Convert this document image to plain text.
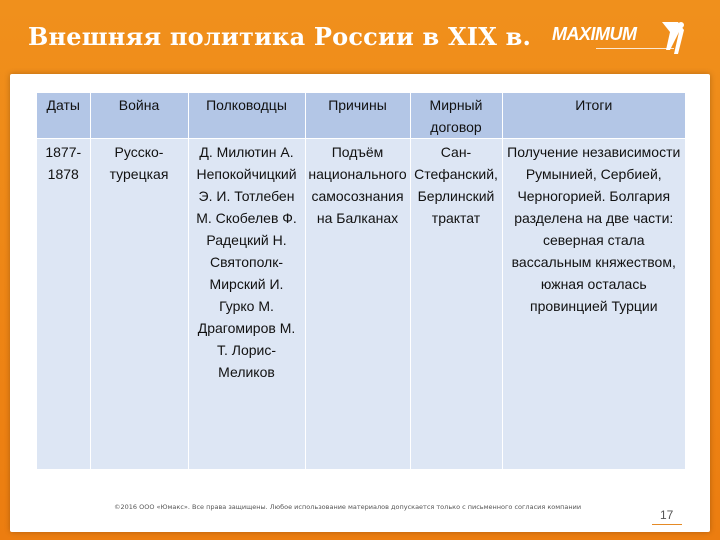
Внешняя политика России в XIX в. MAXIMUM
Даты	Война	Полководцы	Причины	Мирный договор	Итоги
1877-1878	Русско-турецкая	Д. Милютин А. Непокойчицкий Э. И. Тотлебен М. Скобелев Ф. Радецкий Н. Святополк-Мирский И. Гурко М. Драгомиров М. Т. Лорис-Меликов	Подъём национального самосознания на Балканах	Сан-Стефанский, Берлинский трактат	Получение независимости Румынией, Сербией, Черногорией. Болгария разделена на две части: северная стала вассальным княжеством, южная осталась провинцией Турции
©2016 ООО «Юмакс». Все права защищены. Любое использование материалов допускается только с письменного согласия компании
17
